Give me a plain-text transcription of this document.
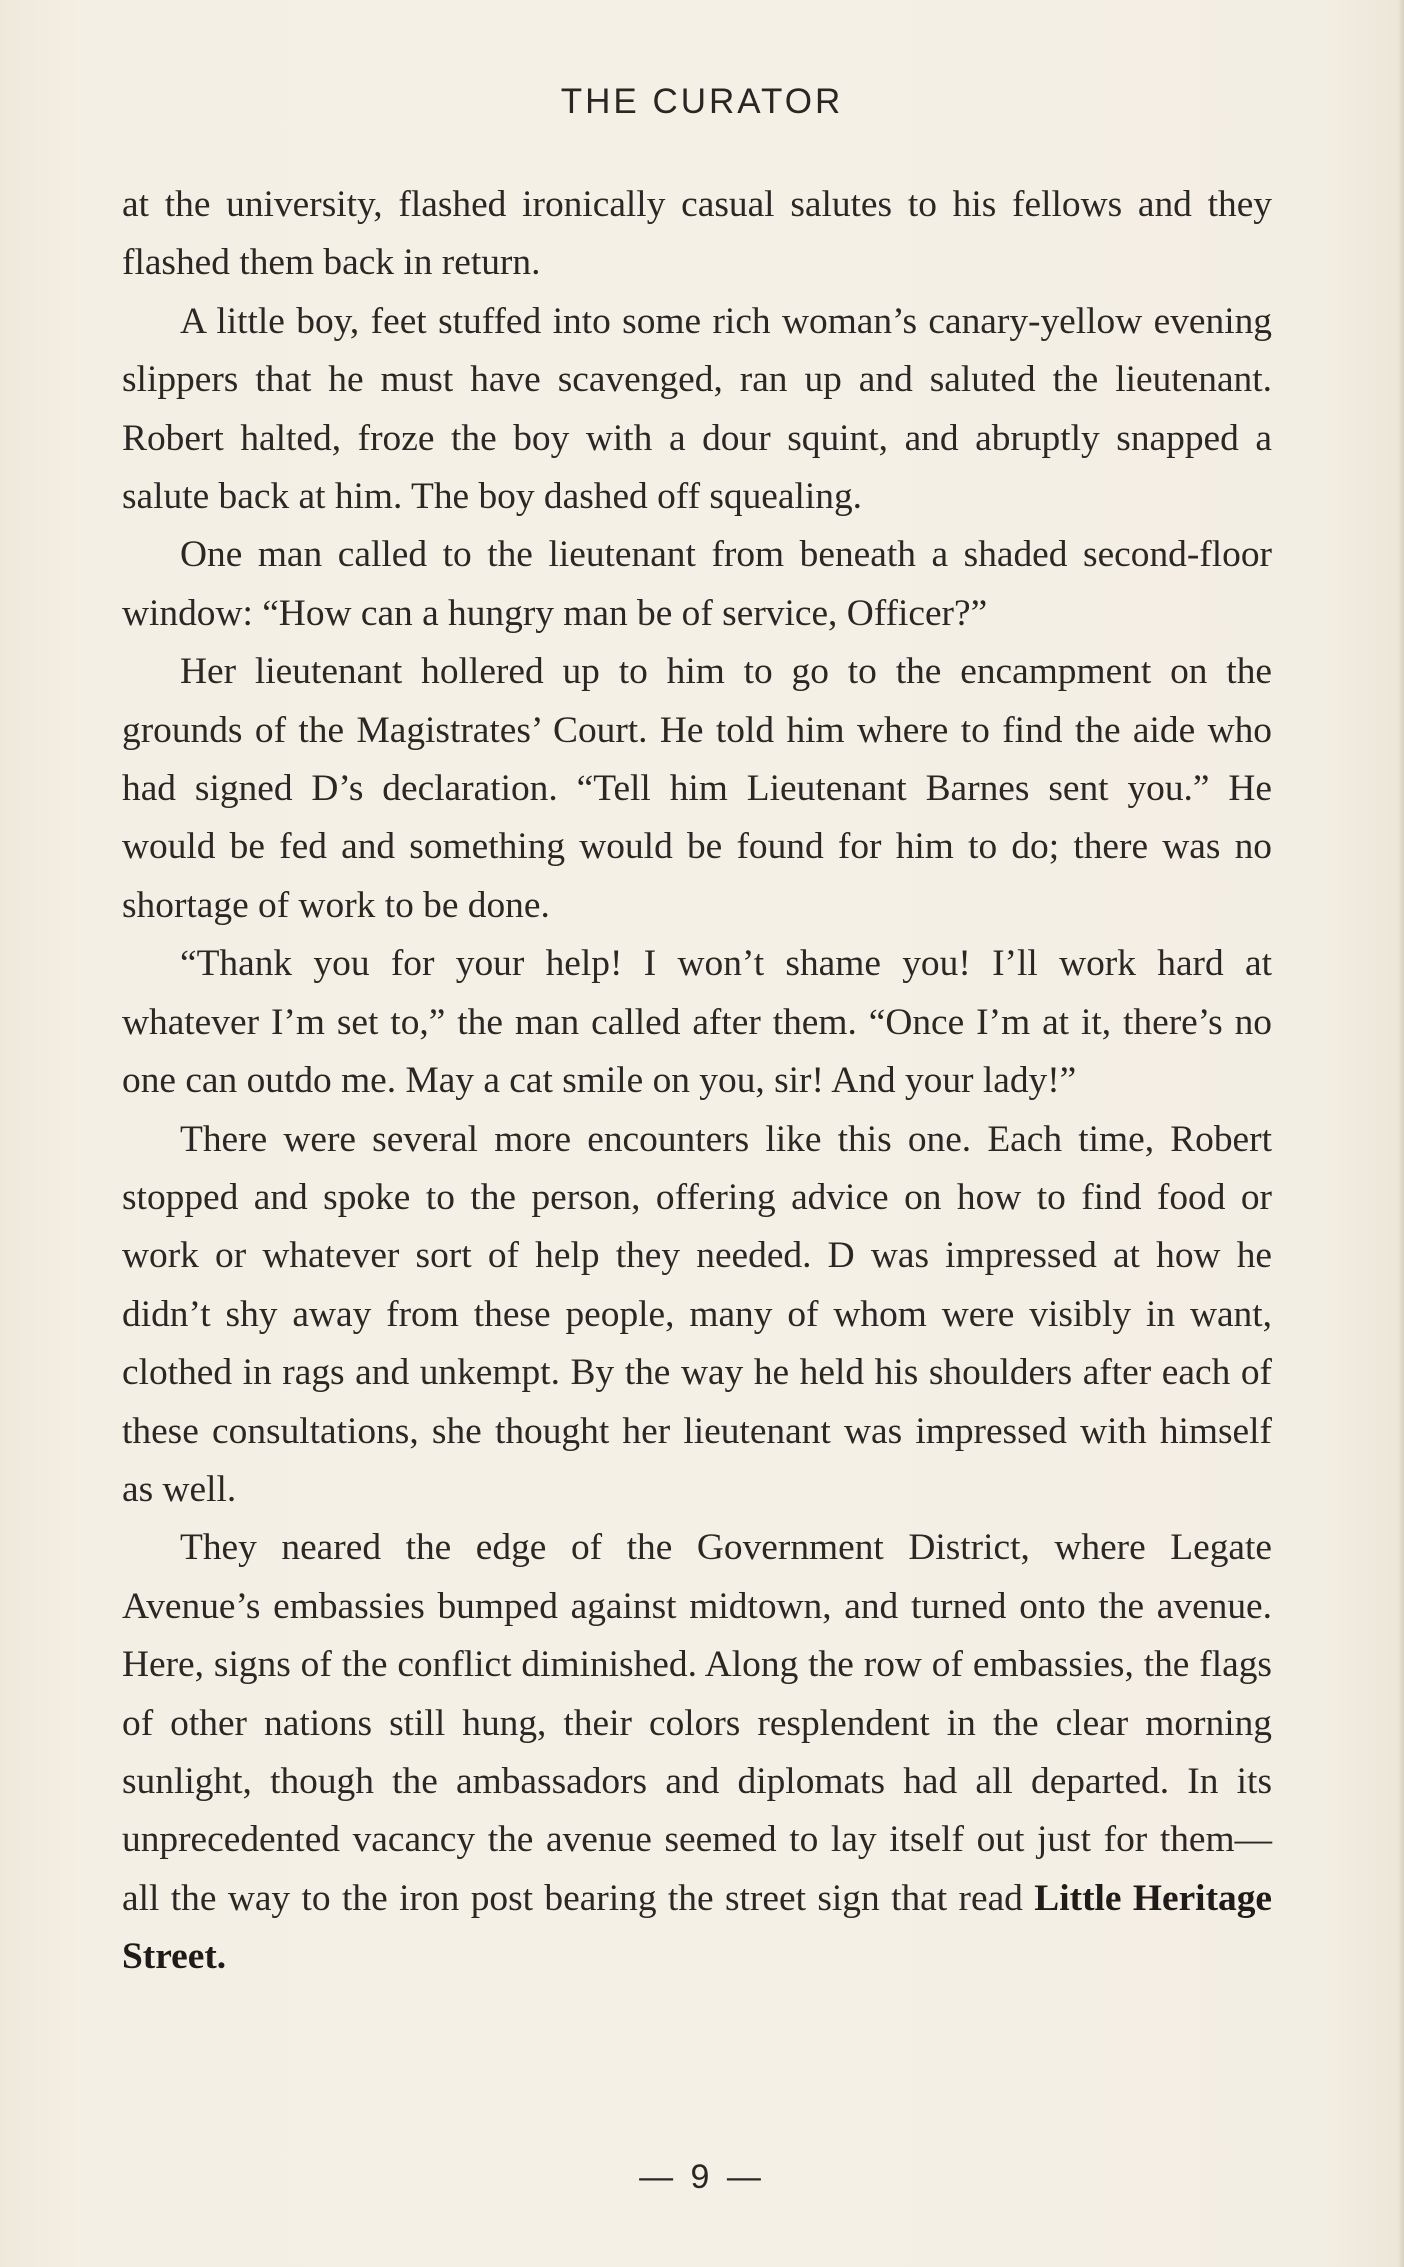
THE CURATOR

at the university, flashed ironically casual salutes to his fellows and they flashed them back in return.

A little boy, feet stuffed into some rich woman’s canary-yellow evening slippers that he must have scavenged, ran up and saluted the lieutenant. Robert halted, froze the boy with a dour squint, and abruptly snapped a salute back at him. The boy dashed off squealing.

One man called to the lieutenant from beneath a shaded second-floor window: “How can a hungry man be of service, Officer?”

Her lieutenant hollered up to him to go to the encampment on the grounds of the Magistrates’ Court. He told him where to find the aide who had signed D’s declaration. “Tell him Lieutenant Barnes sent you.” He would be fed and something would be found for him to do; there was no shortage of work to be done.

“Thank you for your help! I won’t shame you! I’ll work hard at whatever I’m set to,” the man called after them. “Once I’m at it, there’s no one can outdo me. May a cat smile on you, sir! And your lady!”

There were several more encounters like this one. Each time, Robert stopped and spoke to the person, offering advice on how to find food or work or whatever sort of help they needed. D was impressed at how he didn’t shy away from these people, many of whom were visibly in want, clothed in rags and unkempt. By the way he held his shoulders after each of these consultations, she thought her lieutenant was impressed with himself as well.

They neared the edge of the Government District, where Legate Avenue’s embassies bumped against midtown, and turned onto the avenue. Here, signs of the conflict diminished. Along the row of embassies, the flags of other nations still hung, their colors resplendent in the clear morning sunlight, though the ambassadors and diplomats had all departed. In its unprecedented vacancy the avenue seemed to lay itself out just for them—all the way to the iron post bearing the street sign that read Little Heritage Street.

— 9 —
